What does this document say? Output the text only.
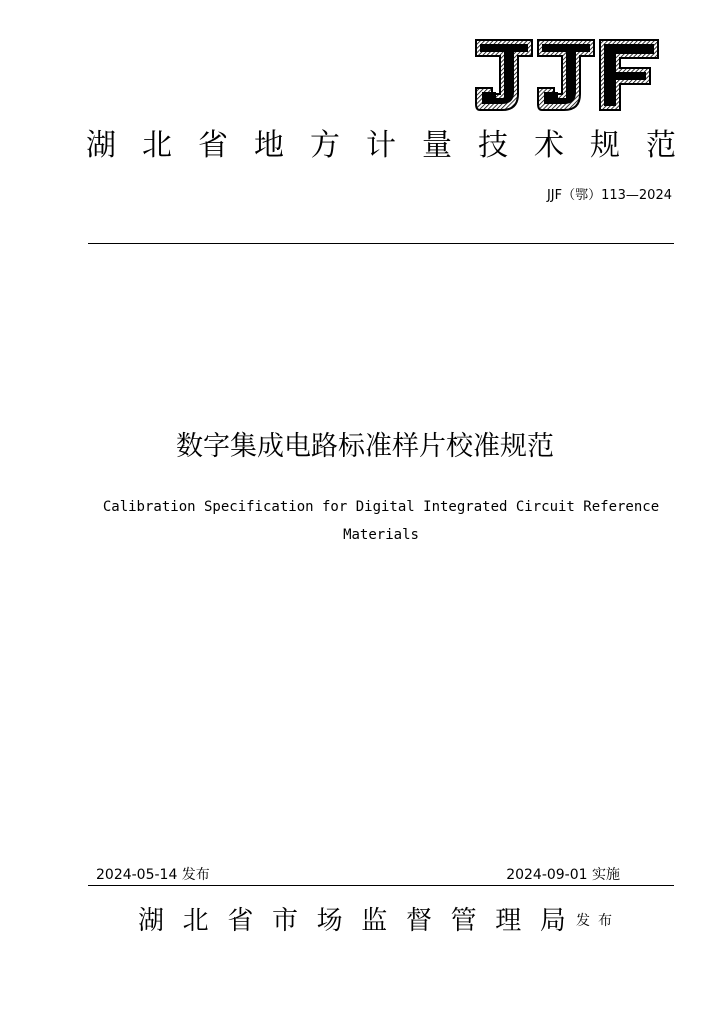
湖 北 省 地 方 计 量 技 术 规 范
JJF（鄂）113—2024
数字集成电路标准样片校准规范
Calibration Specification for Digital Integrated Circuit Reference
Materials
2024-05-14 发布	2024-09-01 实施
湖 北 省 市 场 监 督 管 理 局 发布
